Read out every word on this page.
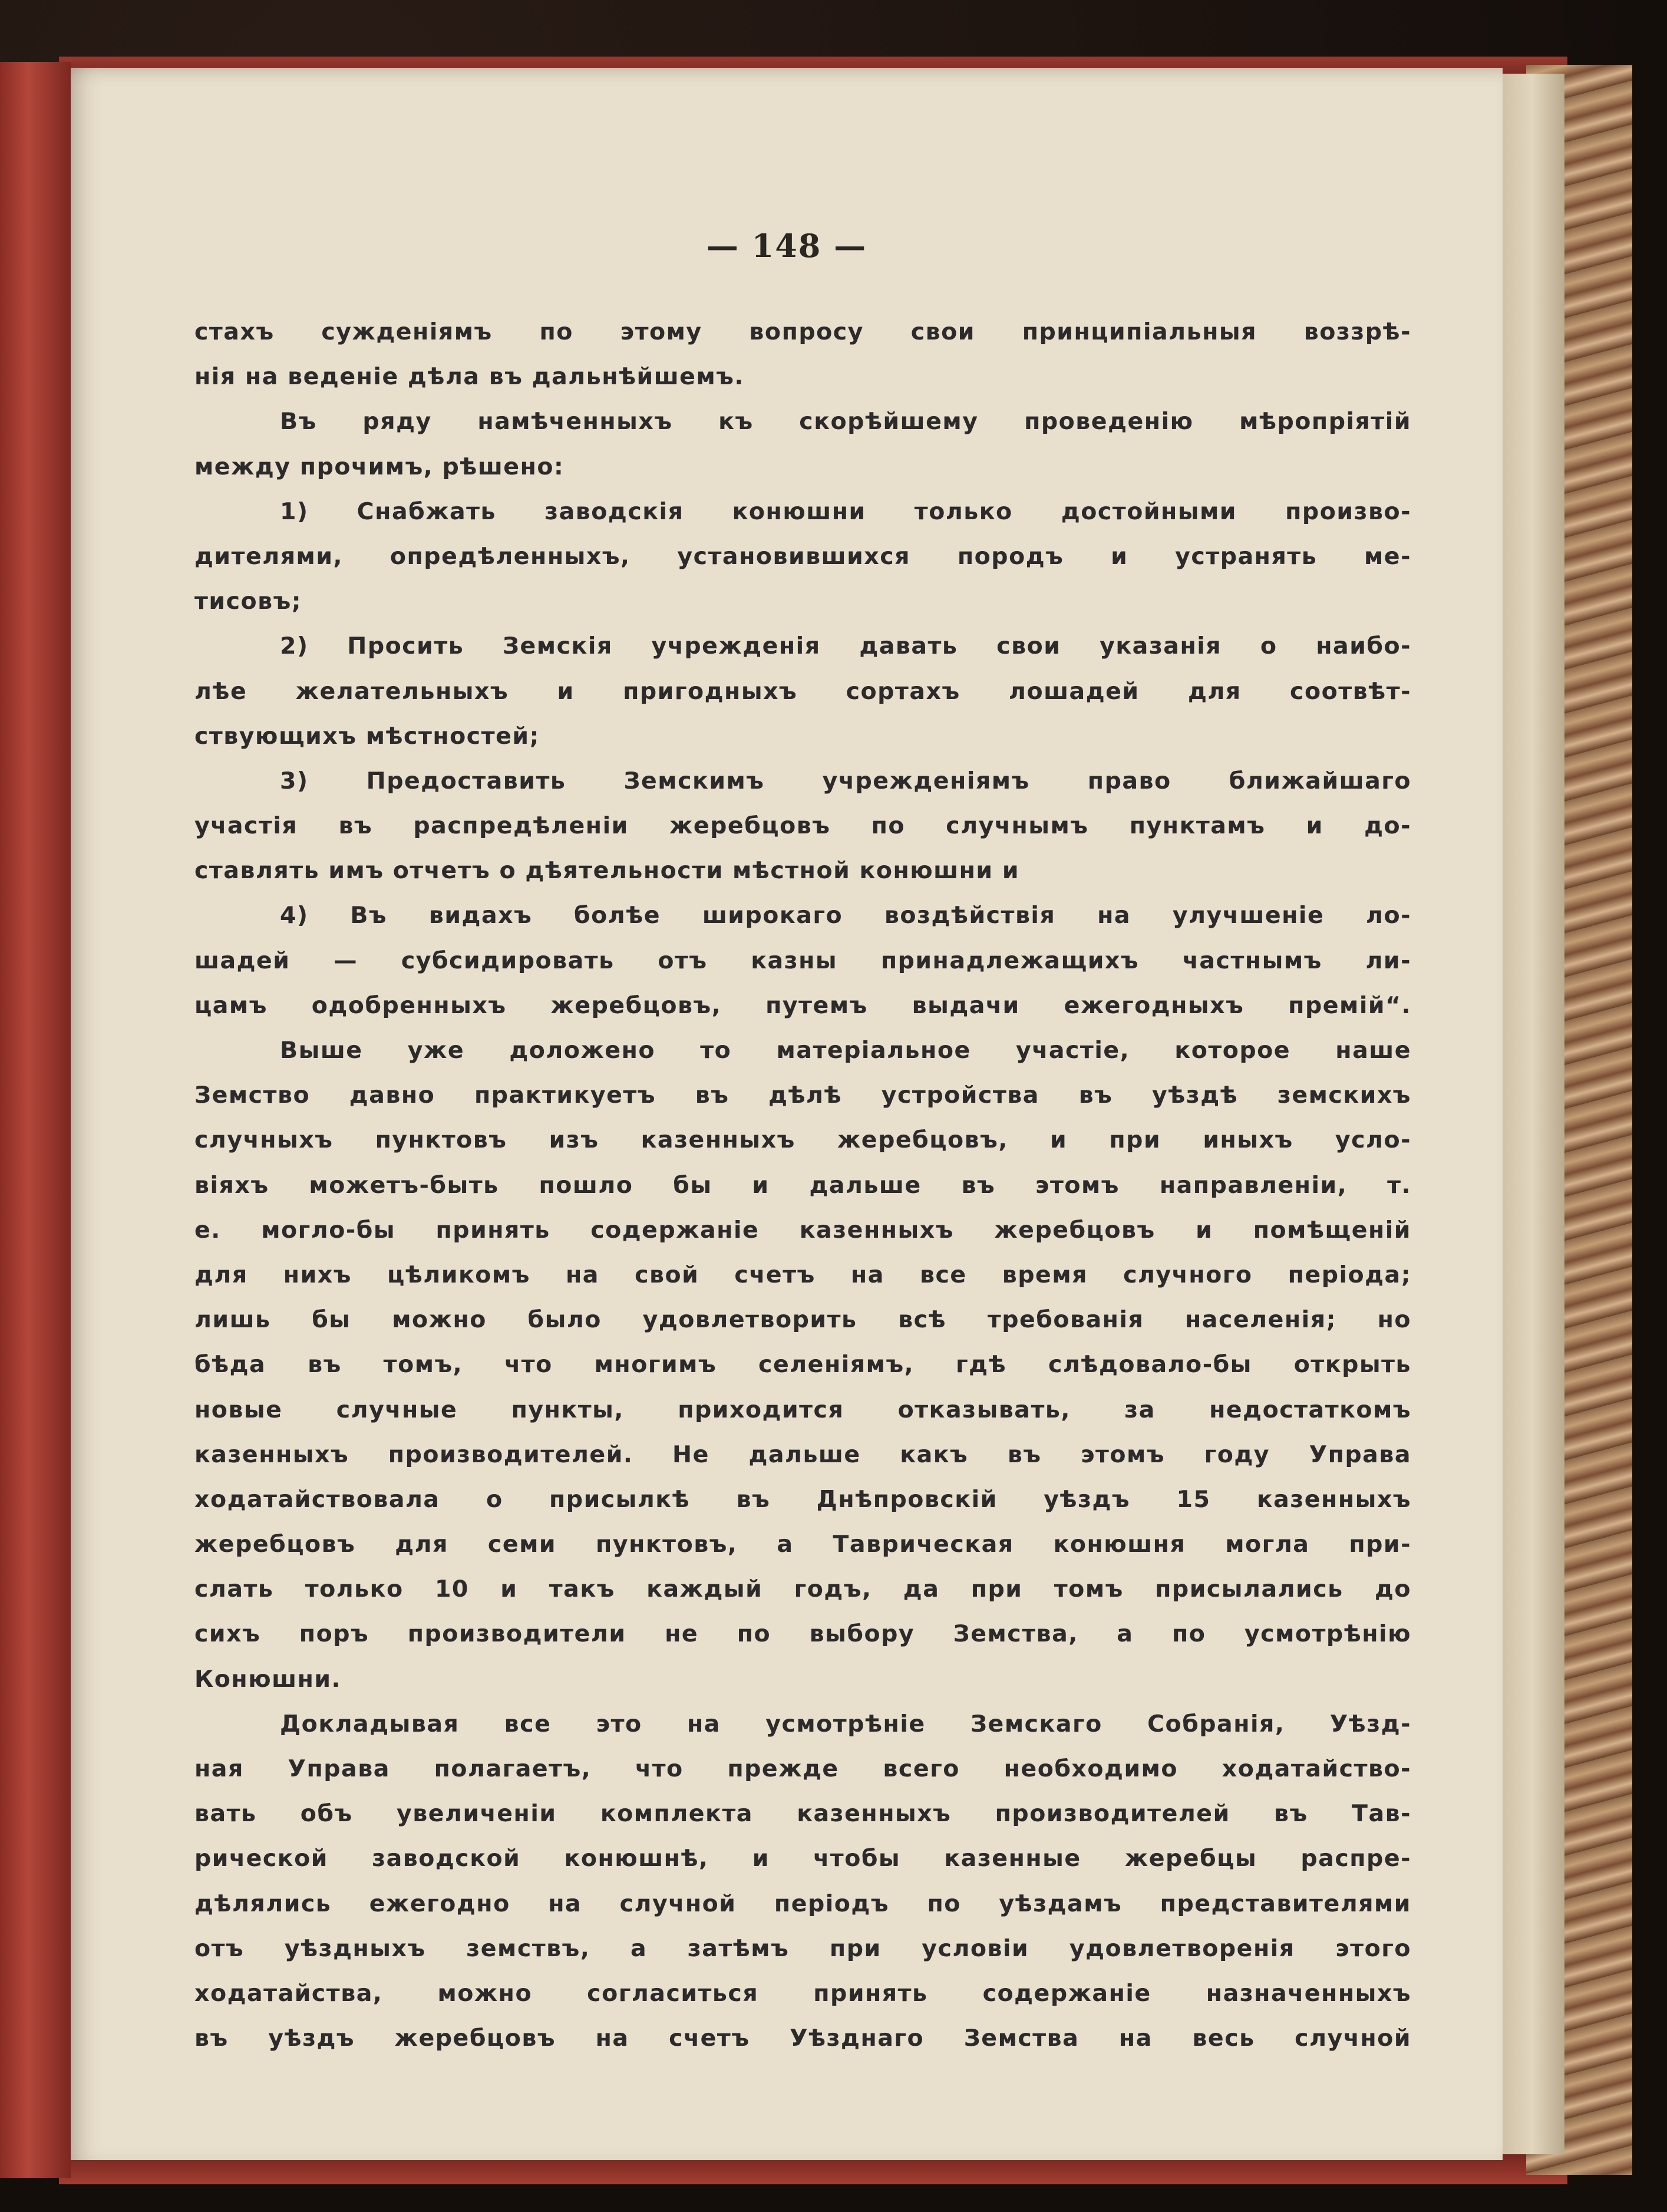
— 148 —
стахъ сужденіямъ по этому вопросу свои принципіальныя воззрѣ-
нія на веденіе дѣла въ дальнѣйшемъ.
Въ ряду намѣченныхъ къ скорѣйшему проведенію мѣропріятій
между прочимъ, рѣшено:
1) Снабжать заводскія конюшни только достойными произво-
дителями, опредѣленныхъ, установившихся породъ и устранять ме-
тисовъ;
2) Просить Земскія учрежденія давать свои указанія о наибо-
лѣе желательныхъ и пригодныхъ сортахъ лошадей для соотвѣт-
ствующихъ мѣстностей;
3) Предоставить Земскимъ учрежденіямъ право ближайшаго
участія въ распредѣленіи жеребцовъ по случнымъ пунктамъ и до-
ставлять имъ отчетъ о дѣятельности мѣстной конюшни и
4) Въ видахъ болѣе широкаго воздѣйствія на улучшеніе ло-
шадей — субсидировать отъ казны принадлежащихъ частнымъ ли-
цамъ одобренныхъ жеребцовъ, путемъ выдачи ежегодныхъ премій“.
Выше уже доложено то матеріальное участіе, которое наше
Земство давно практикуетъ въ дѣлѣ устройства въ уѣздѣ земскихъ
случныхъ пунктовъ изъ казенныхъ жеребцовъ, и при иныхъ усло-
віяхъ можетъ-быть пошло бы и дальше въ этомъ направленіи, т.
е. могло-бы принять содержаніе казенныхъ жеребцовъ и помѣщеній
для нихъ цѣликомъ на свой счетъ на все время случного періода;
лишь бы можно было удовлетворить всѣ требованія населенія; но
бѣда въ томъ, что многимъ селеніямъ, гдѣ слѣдовало-бы открыть
новые случные пункты, приходится отказывать, за недостаткомъ
казенныхъ производителей. Не дальше какъ въ этомъ году Управа
ходатайствовала о присылкѣ въ Днѣпровскій уѣздъ 15 казенныхъ
жеребцовъ для семи пунктовъ, а Таврическая конюшня могла при-
слать только 10 и такъ каждый годъ, да при томъ присылались до
сихъ поръ производители не по выбору Земства, а по усмотрѣнію
Конюшни.
Докладывая все это на усмотрѣніе Земскаго Собранія, Уѣзд-
ная Управа полагаетъ, что прежде всего необходимо ходатайство-
вать объ увеличеніи комплекта казенныхъ производителей въ Тав-
рической заводской конюшнѣ, и чтобы казенные жеребцы распре-
дѣлялись ежегодно на случной періодъ по уѣздамъ представителями
отъ уѣздныхъ земствъ, а затѣмъ при условіи удовлетворенія этого
ходатайства, можно согласиться принять содержаніе назначенныхъ
въ уѣздъ жеребцовъ на счетъ Уѣзднаго Земства на весь случной
